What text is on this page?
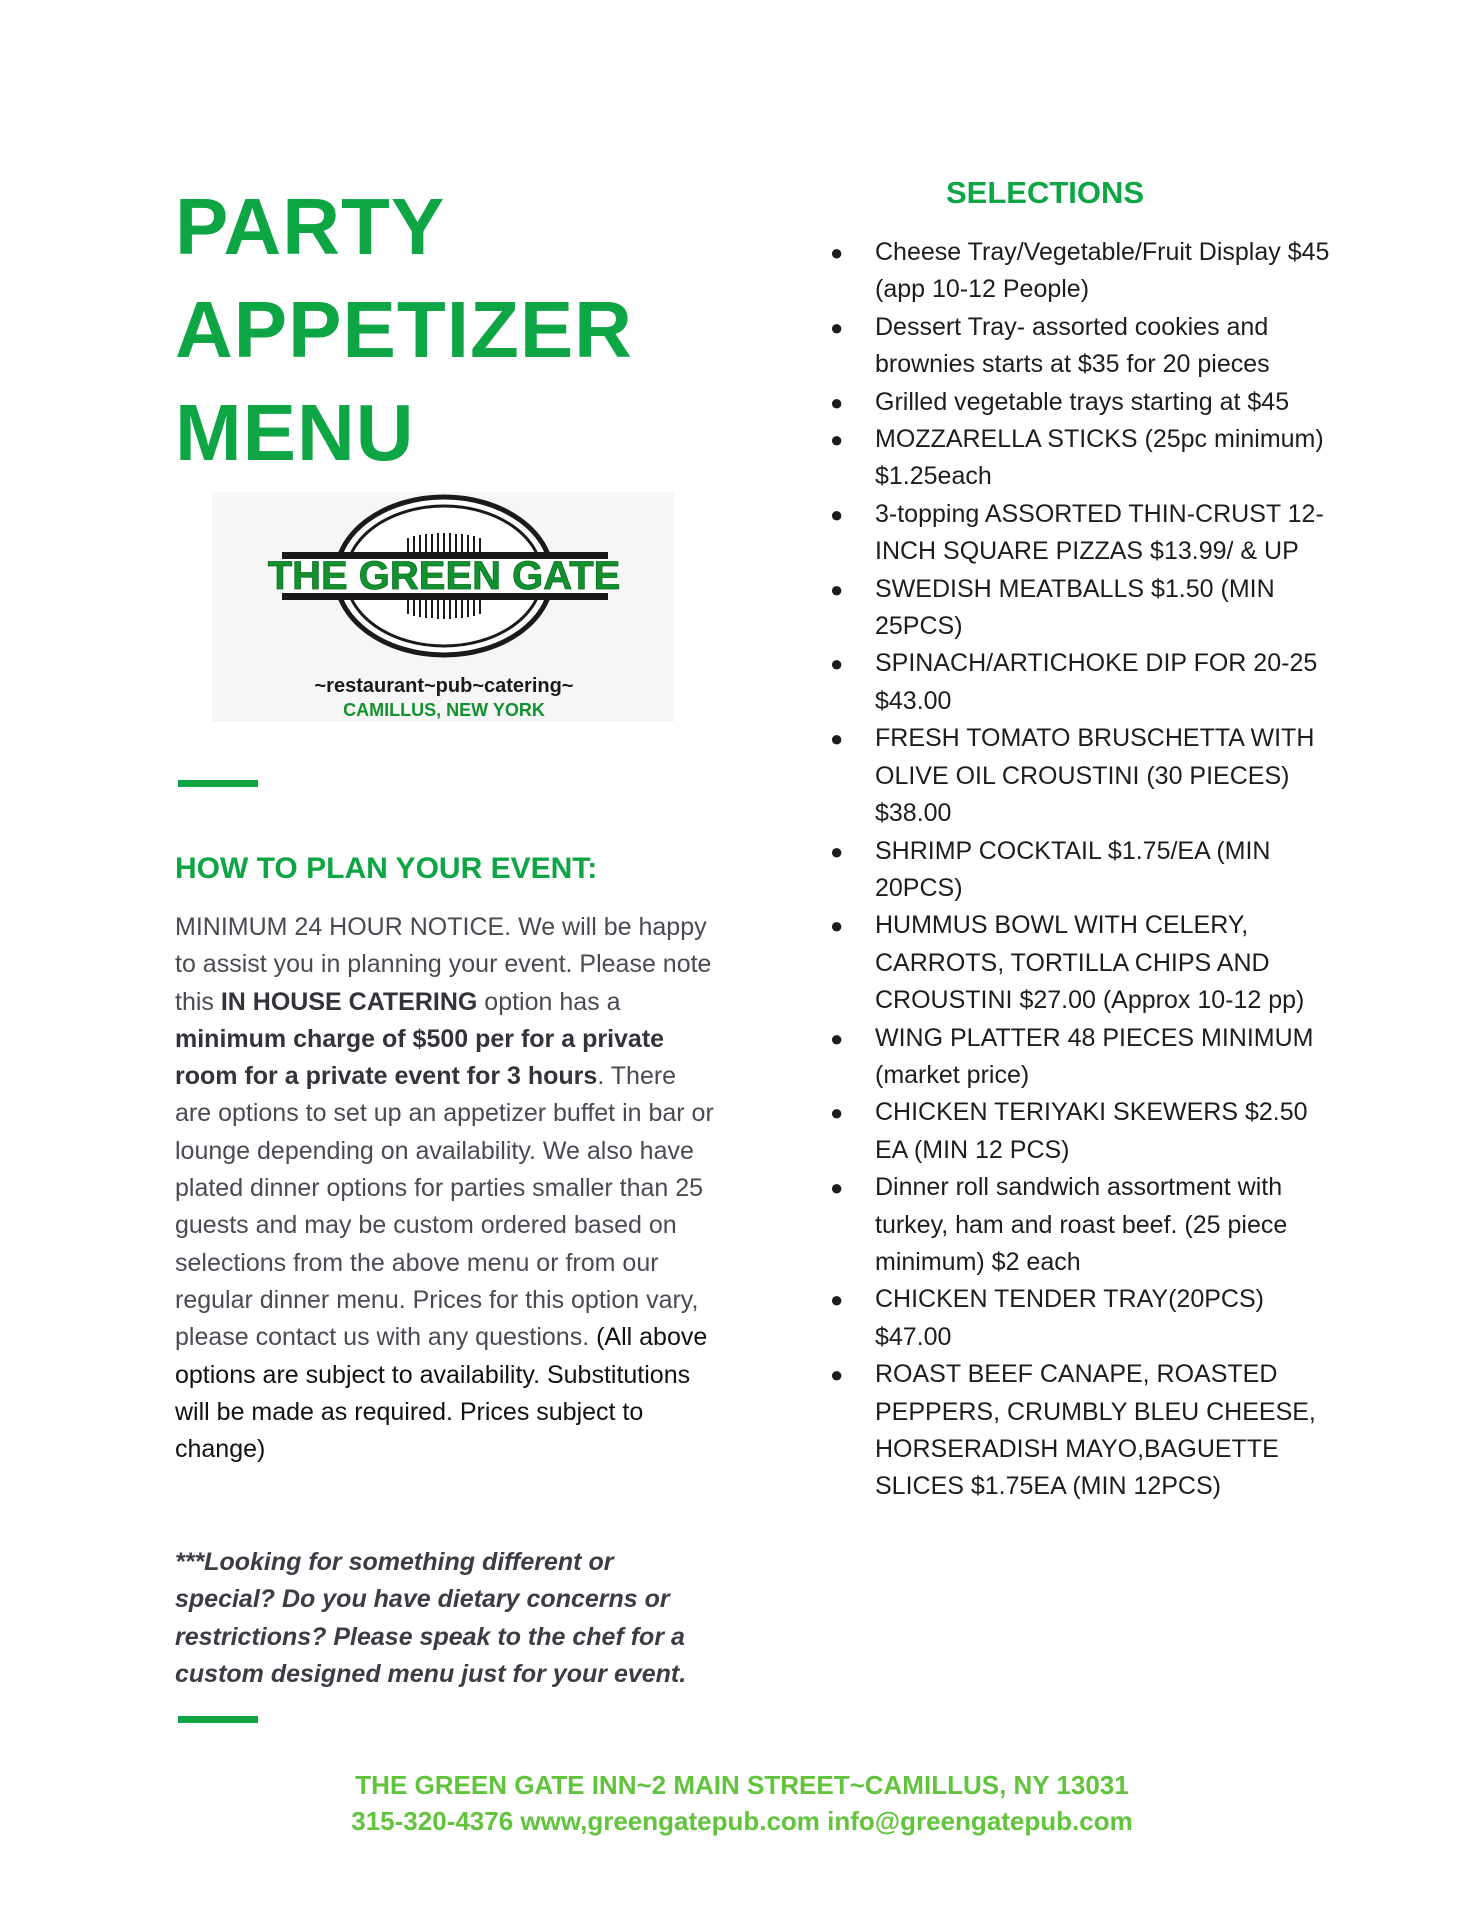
PARTY
APPETIZER
MENU
THE GREEN GATE
~restaurant~pub~catering~
CAMILLUS, NEW YORK
HOW TO PLAN YOUR EVENT:
MINIMUM 24 HOUR NOTICE. We will be happy to assist you in planning your event. Please note this IN HOUSE CATERING option has a minimum charge of $500 per for a private room for a private event for 3 hours. There are options to set up an appetizer buffet in bar or lounge depending on availability. We also have plated dinner options for parties smaller than 25 guests and may be custom ordered based on selections from the above menu or from our regular dinner menu. Prices for this option vary, please contact us with any questions. (All above options are subject to availability. Substitutions will be made as required. Prices subject to change)
***Looking for something different or special? Do you have dietary concerns or restrictions? Please speak to the chef for a custom designed menu just for your event.
SELECTIONS
● Cheese Tray/Vegetable/Fruit Display $45 (app 10-12 People)
● Dessert Tray- assorted cookies and brownies starts at $35 for 20 pieces
● Grilled vegetable trays starting at $45
● MOZZARELLA STICKS (25pc minimum) $1.25each
● 3-topping ASSORTED THIN-CRUST 12-INCH SQUARE PIZZAS $13.99/ & UP
● SWEDISH MEATBALLS $1.50 (MIN 25PCS)
● SPINACH/ARTICHOKE DIP FOR 20-25 $43.00
● FRESH TOMATO BRUSCHETTA WITH OLIVE OIL CROUSTINI (30 PIECES) $38.00
● SHRIMP COCKTAIL $1.75/EA (MIN 20PCS)
● HUMMUS BOWL WITH CELERY, CARROTS, TORTILLA CHIPS AND CROUSTINI $27.00 (Approx 10-12 pp)
● WING PLATTER 48 PIECES MINIMUM (market price)
● CHICKEN TERIYAKI SKEWERS $2.50 EA (MIN 12 PCS)
● Dinner roll sandwich assortment with turkey, ham and roast beef. (25 piece minimum) $2 each
● CHICKEN TENDER TRAY(20PCS) $47.00
● ROAST BEEF CANAPE, ROASTED PEPPERS, CRUMBLY BLEU CHEESE, HORSERADISH MAYO,BAGUETTE SLICES $1.75EA (MIN 12PCS)
THE GREEN GATE INN~2 MAIN STREET~CAMILLUS, NY 13031
315-320-4376 www,greengatepub.com info@greengatepub.com
